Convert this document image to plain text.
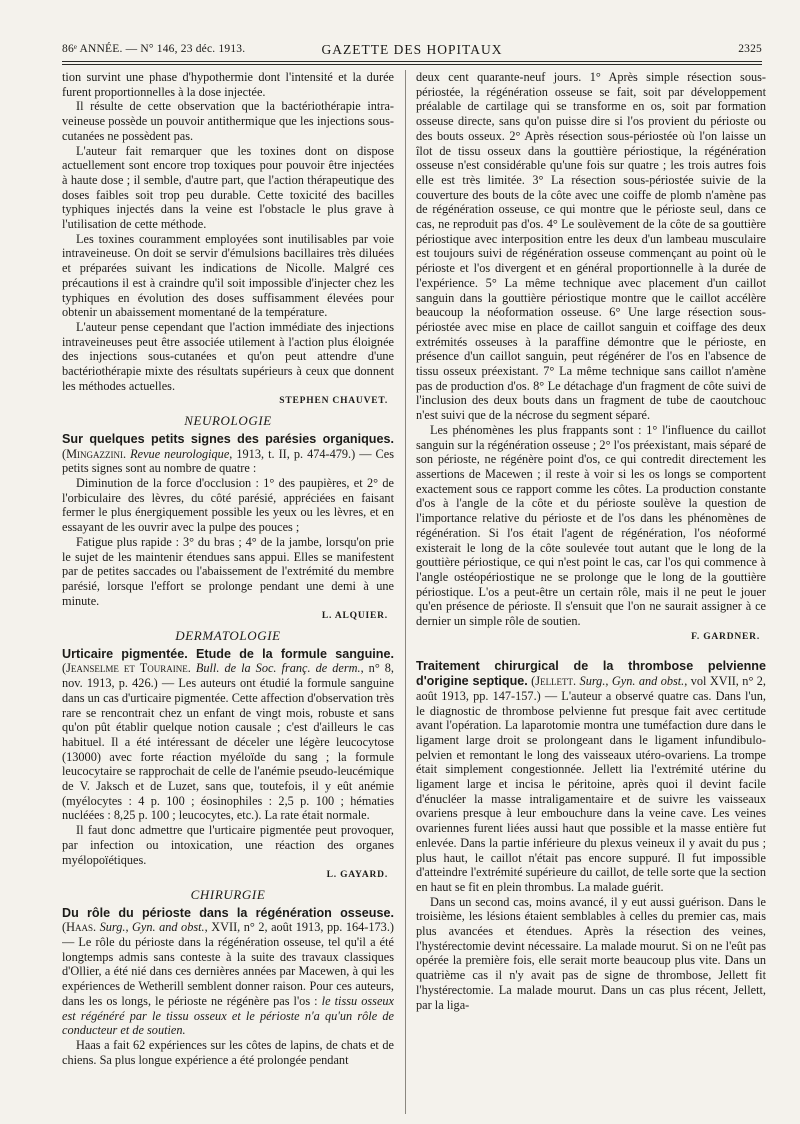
86ᵉ ANNÉE. — N° 146, 23 déc. 1913.	GAZETTE DES HOPITAUX	2325

tion survint une phase d'hypothermie dont l'intensité et la durée furent proportionnelles à la dose injectée.

Il résulte de cette observation que la bactériothérapie intra-veineuse possède un pouvoir antithermique que les injections sous-cutanées ne possèdent pas.

L'auteur fait remarquer que les toxines dont on dispose actuellement sont encore trop toxiques pour pouvoir être injectées à haute dose ; il semble, d'autre part, que l'action thérapeutique des doses faibles soit trop peu durable. Cette toxicité des bacilles typhiques injectés dans la veine est l'obstacle le plus grave à l'utilisation de cette méthode.

Les toxines couramment employées sont inutilisables par voie intraveineuse. On doit se servir d'émulsions bacillaires très diluées et préparées suivant les indications de Nicolle. Malgré ces précautions il est à craindre qu'il soit impossible d'injecter chez les typhiques en évolution des doses suffisamment élevées pour obtenir un abaissement momentané de la température.

L'auteur pense cependant que l'action immédiate des injections intraveineuses peut être associée utilement à l'action plus éloignée des injections sous-cutanées et qu'on peut attendre d'une bactériothérapie mixte des résultats supérieurs à ceux que donnent les méthodes actuelles.

STEPHEN CHAUVET.

NEUROLOGIE

Sur quelques petits signes des parésies organiques. (Mingazzini. Revue neurologique, 1913, t. II, p. 474-479.) — Ces petits signes sont au nombre de quatre :

Diminution de la force d'occlusion : 1° des paupières, et 2° de l'orbiculaire des lèvres, du côté parésié, appréciées en faisant fermer le plus énergiquement possible les yeux ou les lèvres, et en essayant de les ouvrir avec la pulpe des pouces ;

Fatigue plus rapide : 3° du bras ; 4° de la jambe, lorsqu'on prie le sujet de les maintenir étendues sans appui. Elles se manifestent par de petites saccades ou l'abaissement de l'extrémité du membre parésié, lorsque l'effort se prolonge pendant une demi à une minute.

L. ALQUIER.

DERMATOLOGIE

Urticaire pigmentée. Etude de la formule sanguine. (Jeanselme et Touraine. Bull. de la Soc. franç. de derm., n° 8, nov. 1913, p. 426.) — Les auteurs ont étudié la formule sanguine dans un cas d'urticaire pigmentée. Cette affection d'observation très rare se rencontrait chez un enfant de vingt mois, robuste et sans qu'on pût établir quelque notion causale ; c'est d'ailleurs le cas habituel. Il a été intéressant de déceler une légère leucocytose (13000) avec forte réaction myéloïde du sang ; la formule leucocytaire se rapprochait de celle de l'anémie pseudo-leucémique de V. Jaksch et de Luzet, sans que, toutefois, il y eût anémie (myélocytes : 4 p. 100 ; éosinophiles : 2,5 p. 100 ; hématies nucléées : 8,25 p. 100 ; leucocytes, etc.). La rate était normale.

Il faut donc admettre que l'urticaire pigmentée peut provoquer, par infection ou intoxication, une réaction des organes myélopoïétiques.

L. GAYARD.

CHIRURGIE

Du rôle du périoste dans la régénération osseuse. (Haas. Surg., Gyn. and obst., XVII, n° 2, août 1913, pp. 164-173.) — Le rôle du périoste dans la régénération osseuse, tel qu'il a été longtemps admis sans conteste à la suite des travaux classiques d'Ollier, a été nié dans ces dernières années par Macewen, à qui les expériences de Wetherill semblent donner raison. Pour ces auteurs, dans les os longs, le périoste ne régénère pas l'os : le tissu osseux est régénéré par le tissu osseux et le périoste n'a qu'un rôle de conducteur et de soutien.

Haas a fait 62 expériences sur les côtes de lapins, de chats et de chiens. Sa plus longue expérience a été prolongée pendant

deux cent quarante-neuf jours. 1° Après simple résection sous-périostée, la régénération osseuse se fait, soit par développement préalable de cartilage qui se transforme en os, soit par formation osseuse directe, sans qu'on puisse dire si l'os provient du périoste ou des bouts osseux. 2° Après résection sous-périostée où l'on laisse un îlot de tissu osseux dans la gouttière périostique, la régénération osseuse n'est considérable qu'une fois sur quatre ; les trois autres fois elle est très limitée. 3° La résection sous-périostée suivie de la couverture des bouts de la côte avec une coiffe de plomb n'amène pas de régénération osseuse, ce qui montre que le périoste seul, dans ce cas, ne reproduit pas d'os. 4° Le soulèvement de la côte de sa gouttière périostique avec interposition entre les deux d'un lambeau musculaire est toujours suivi de régénération osseuse commençant au point où le périoste et l'os divergent et en général proportionnelle à la durée de l'expérience. 5° La même technique avec placement d'un caillot sanguin dans la gouttière périostique montre que le caillot accélère beaucoup la néoformation osseuse. 6° Une large résection sous-périostée avec mise en place de caillot sanguin et coiffage des deux extrémités osseuses à la paraffine démontre que le périoste, en présence d'un caillot sanguin, peut régénérer de l'os en l'absence de tissu osseux préexistant. 7° La même technique sans caillot n'amène pas de production d'os. 8° Le détachage d'un fragment de côte suivi de l'inclusion des deux bouts dans un fragment de tube de caoutchouc n'est suivi que de la nécrose du segment séparé.

Les phénomènes les plus frappants sont : 1° l'influence du caillot sanguin sur la régénération osseuse ; 2° l'os préexistant, mais séparé de son périoste, ne régénère point d'os, ce qui contredit directement les assertions de Macewen ; il reste à voir si les os longs se comportent exactement sous ce rapport comme les côtes. La production constante d'os à l'angle de la côte et du périoste soulève la question de l'importance relative du périoste et de l'os dans les phénomènes de régénération. Si l'os était l'agent de régénération, l'os néoformé existerait le long de la côte soulevée tout autant que le long de la gouttière périostique, ce qui n'est point le cas, car l'os qui commence à l'angle ostéopériostique ne se prolonge que le long de la gouttière périostique. L'os a peut-être un certain rôle, mais il ne peut le jouer qu'en présence de périoste. Il s'ensuit que l'on ne saurait assigner à ce dernier un simple rôle de soutien.

F. GARDNER.

Traitement chirurgical de la thrombose pelvienne d'origine septique. (Jellett. Surg., Gyn. and obst., vol XVII, n° 2, août 1913, pp. 147-157.) — L'auteur a observé quatre cas. Dans l'un, le diagnostic de thrombose pelvienne fut presque fait avec certitude avant l'opération. La laparotomie montra une tuméfaction dure dans le ligament large droit se prolongeant dans le ligament infundibulo-pelvien et remontant le long des vaisseaux utéro-ovariens. La trompe était simplement congestionnée. Jellett lia l'extrémité utérine du ligament large et incisa le péritoine, après quoi il devint facile d'énucléer la masse intraligamentaire et de suivre les vaisseaux ovariens presque à leur embouchure dans la veine cave. Les veines ovariennes furent liées aussi haut que possible et la masse entière fut enlevée. Dans la partie inférieure du plexus veineux il y avait du pus ; plus haut, le caillot n'était pas encore suppuré. Il fut impossible d'atteindre l'extrémité supérieure du caillot, de telle sorte que la section en haut se fit en plein thrombus. La malade guérit.

Dans un second cas, moins avancé, il y eut aussi guérison. Dans le troisième, les lésions étaient semblables à celles du premier cas, mais plus avancées et étendues. Après la résection des veines, l'hystérectomie devint nécessaire. La malade mourut. Si on ne l'eût pas opérée la première fois, elle serait morte beaucoup plus vite. Dans un quatrième cas il n'y avait pas de signe de thrombose, Jellett fit l'hystérectomie. La malade mourut. Dans un cas plus récent, Jellett, par la liga-
